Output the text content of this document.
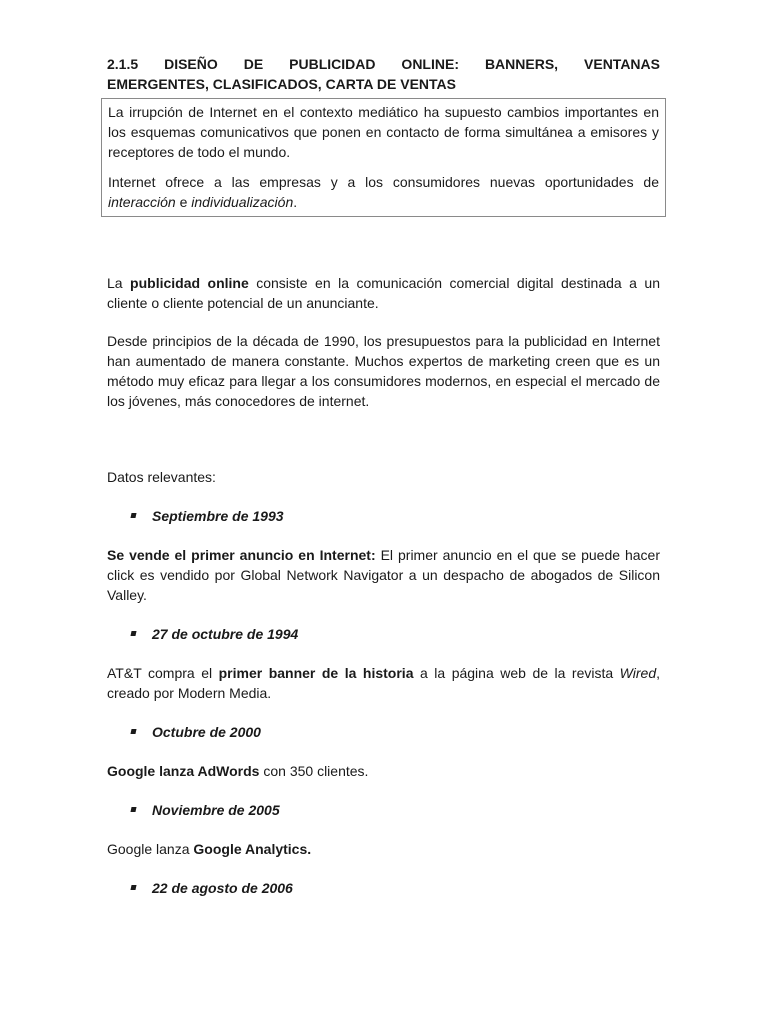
2.1.5 DISEÑO DE PUBLICIDAD ONLINE: BANNERS, VENTANAS

EMERGENTES, CLASIFICADOS, CARTA DE VENTAS

La irrupción de Internet en el contexto mediático ha supuesto cambios importantes en los esquemas comunicativos que ponen en contacto de forma simultánea a emisores y receptores de todo el mundo.

Internet ofrece a las empresas y a los consumidores nuevas oportunidades de interacción e individualización.

La publicidad online consiste en la comunicación comercial digital destinada a un cliente o cliente potencial de un anunciante.

Desde principios de la década de 1990, los presupuestos para la publicidad en Internet han aumentado de manera constante. Muchos expertos de marketing creen que es un método muy eficaz para llegar a los consumidores modernos, en especial el mercado de los jóvenes, más conocedores de internet.

Datos relevantes:

Septiembre de 1993

Se vende el primer anuncio en Internet: El primer anuncio en el que se puede hacer click es vendido por Global Network Navigator a un despacho de abogados de Silicon Valley.

27 de octubre de 1994

AT&T compra el primer banner de la historia a la página web de la revista Wired, creado por Modern Media.

Octubre de 2000

Google lanza AdWords con 350 clientes.

Noviembre de 2005

Google lanza Google Analytics.

22 de agosto de 2006
